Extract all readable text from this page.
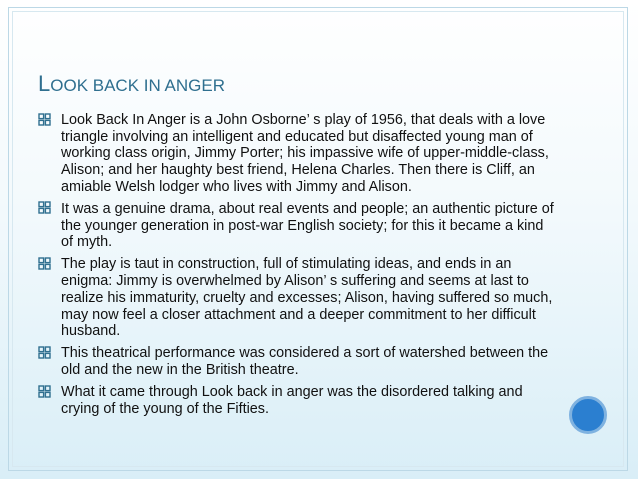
LOOK BACK IN ANGER
Look Back In Anger is a John Osborne’ s play of 1956, that deals with a love triangle involving an intelligent and educated but disaffected young man of working class origin, Jimmy Porter; his impassive wife of upper-middle-class, Alison; and her haughty best friend, Helena Charles. Then there is Cliff, an amiable Welsh lodger who lives with Jimmy and Alison.
It was a genuine drama, about real events and people; an authentic picture of the younger generation in post-war English society; for this it became a kind of myth.
The play is taut in construction, full of stimulating ideas, and ends in an enigma: Jimmy is overwhelmed by Alison’ s suffering and seems at last to realize his immaturity, cruelty and excesses; Alison, having suffered so much, may now feel a closer attachment and a deeper commitment to her difficult husband.
This theatrical performance was considered a sort of watershed between the old and the new in the British theatre.
What it came through Look back in anger was the disordered talking and crying of the young of the Fifties.
